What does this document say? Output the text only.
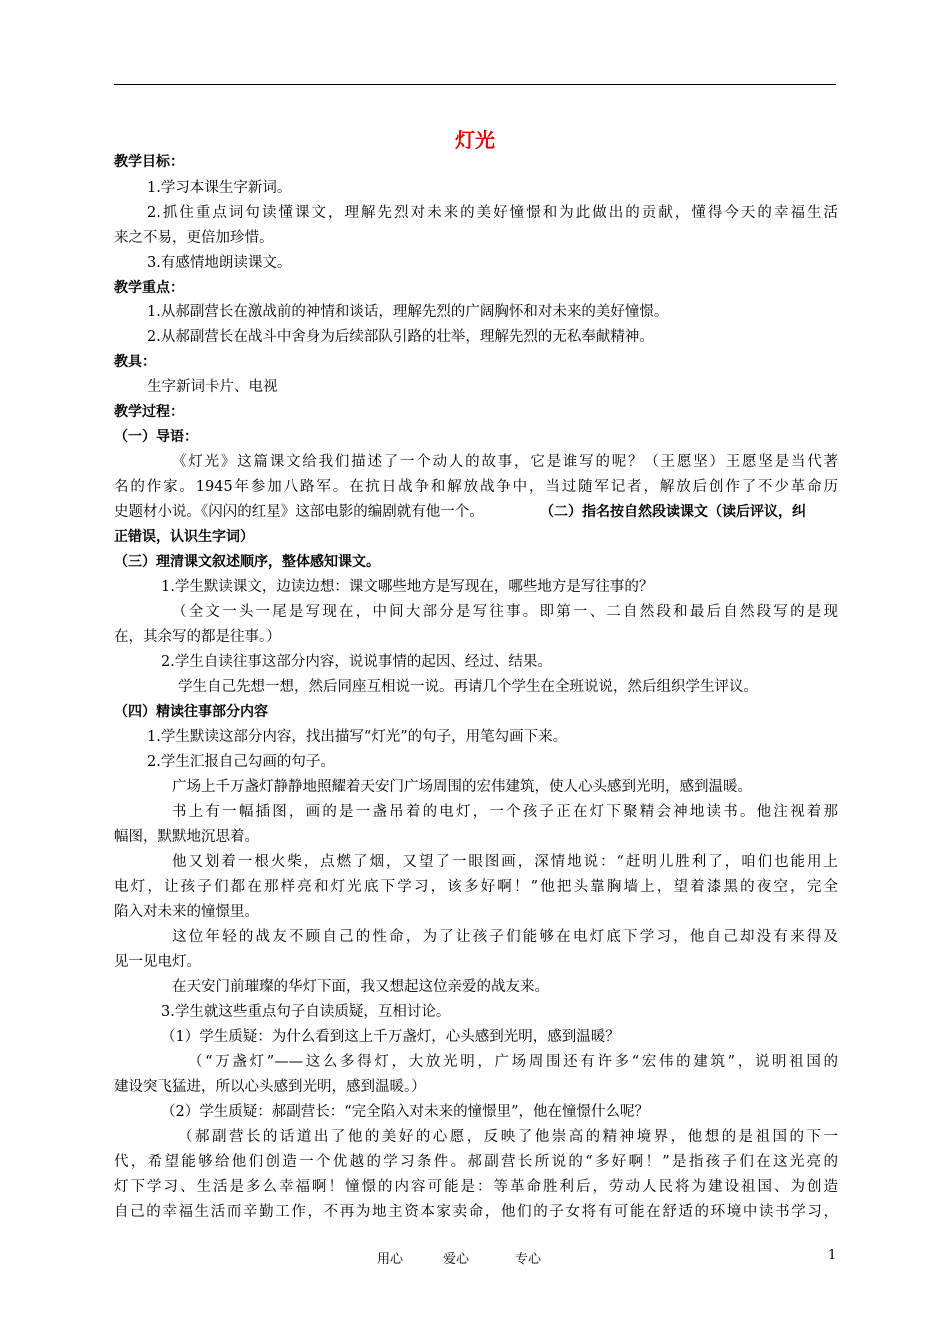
灯光
教学目标：
1.学习本课生字新词。
2.抓住重点词句读懂课文，理解先烈对未来的美好憧憬和为此做出的贡献，懂得今天的幸福生活
来之不易，更倍加珍惜。
3.有感情地朗读课文。
教学重点：
1.从郝副营长在激战前的神情和谈话，理解先烈的广阔胸怀和对未来的美好憧憬。
2.从郝副营长在战斗中舍身为后续部队引路的壮举，理解先烈的无私奉献精神。
教具：
生字新词卡片、电视
教学过程：
（一）导语：
《灯光》这篇课文给我们描述了一个动人的故事，它是谁写的呢？（王愿坚）王愿坚是当代著
名的作家。1945年参加八路军。在抗日战争和解放战争中，当过随军记者，解放后创作了不少革命历
史题材小说。《闪闪的红星》这部电影的编剧就有他一个。	（二）指名按自然段读课文（读后评议，纠
正错误，认识生字词）
（三）理清课文叙述顺序，整体感知课文。
1.学生默读课文，边读边想：课文哪些地方是写现在，哪些地方是写往事的？
（全文一头一尾是写现在，中间大部分是写往事。即第一、二自然段和最后自然段写的是现
在，其余写的都是往事。）
2.学生自读往事这部分内容，说说事情的起因、经过、结果。
学生自己先想一想，然后同座互相说一说。再请几个学生在全班说说，然后组织学生评议。
（四）精读往事部分内容
1.学生默读这部分内容，找出描写“灯光”的句子，用笔勾画下来。
2.学生汇报自己勾画的句子。
广场上千万盏灯静静地照耀着天安门广场周围的宏伟建筑，使人心头感到光明，感到温暖。
书上有一幅插图，画的是一盏吊着的电灯，一个孩子正在灯下聚精会神地读书。他注视着那
幅图，默默地沉思着。
他又划着一根火柴，点燃了烟，又望了一眼图画，深情地说：“赶明儿胜利了，咱们也能用上
电灯，让孩子们都在那样亮和灯光底下学习，该多好啊！”他把头靠胸墙上，望着漆黑的夜空，完全
陷入对未来的憧憬里。
这位年轻的战友不顾自己的性命，为了让孩子们能够在电灯底下学习，他自己却没有来得及
见一见电灯。
在天安门前璀璨的华灯下面，我又想起这位亲爱的战友来。
3.学生就这些重点句子自读质疑，互相讨论。
（1）学生质疑：为什么看到这上千万盏灯，心头感到光明，感到温暖？
（“万盏灯”——这么多得灯，大放光明，广场周围还有许多“宏伟的建筑”，说明祖国的
建设突飞猛进，所以心头感到光明，感到温暖。）
（2）学生质疑：郝副营长：“完全陷入对未来的憧憬里”，他在憧憬什么呢？
（郝副营长的话道出了他的美好的心愿，反映了他崇高的精神境界，他想的是祖国的下一
代，希望能够给他们创造一个优越的学习条件。郝副营长所说的“多好啊！”是指孩子们在这光亮的
灯下学习、生活是多么幸福啊！憧憬的内容可能是：等革命胜利后，劳动人民将为建设祖国、为创造
自己的幸福生活而辛勤工作，不再为地主资本家卖命，他们的子女将有可能在舒适的环境中读书学习，
用心	爱心	专心	1
